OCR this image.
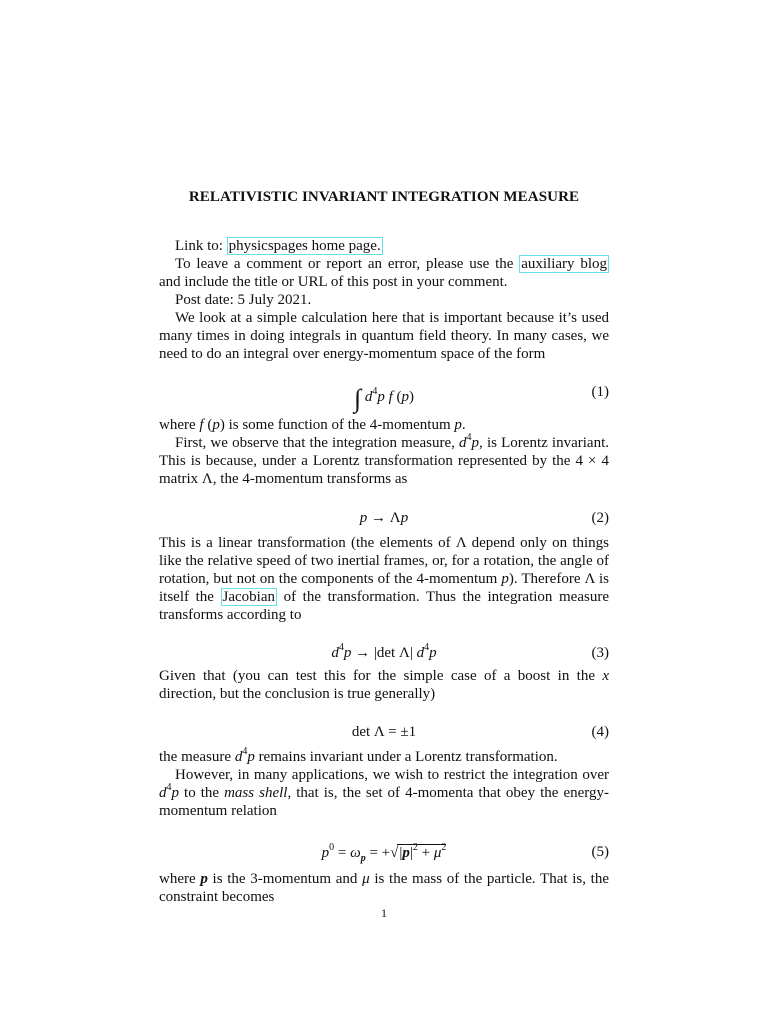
RELATIVISTIC INVARIANT INTEGRATION MEASURE
Link to: physicspages home page.
To leave a comment or report an error, please use the auxiliary blog and include the title or URL of this post in your comment.
Post date: 5 July 2021.
We look at a simple calculation here that is important because it’s used many times in doing integrals in quantum field theory. In many cases, we need to do an integral over energy-momentum space of the form
∫ $d^4p$ f (p)	(1)
where f (p) is some function of the 4-momentum p.
First, we observe that the integration measure, $d^4p$, is Lorentz invariant. This is because, under a Lorentz transformation represented by the 4 × 4 matrix Λ, the 4-momentum transforms as
p → Λp	(2)
This is a linear transformation (the elements of Λ depend only on things like the relative speed of two inertial frames, or, for a rotation, the angle of rotation, but not on the components of the 4-momentum p). Therefore Λ is itself the Jacobian of the transformation. Thus the integration measure transforms according to
$d^4p \to |\det$ Λ| $d^4p$	(3)
Given that (you can test this for the simple case of a boost in the x direction, but the conclusion is true generally)
det Λ = ±1	(4)
the measure $d^4p$ remains invariant under a Lorentz transformation.
However, in many applications, we wish to restrict the integration over $d^4p$ to the mass shell, that is, the set of 4-momenta that obey the energy-momentum relation
$p^0 = \omega_p = +√|p|^2 + \mu^2$	(5)
where p is the 3-momentum and μ is the mass of the particle. That is, the constraint becomes
1
